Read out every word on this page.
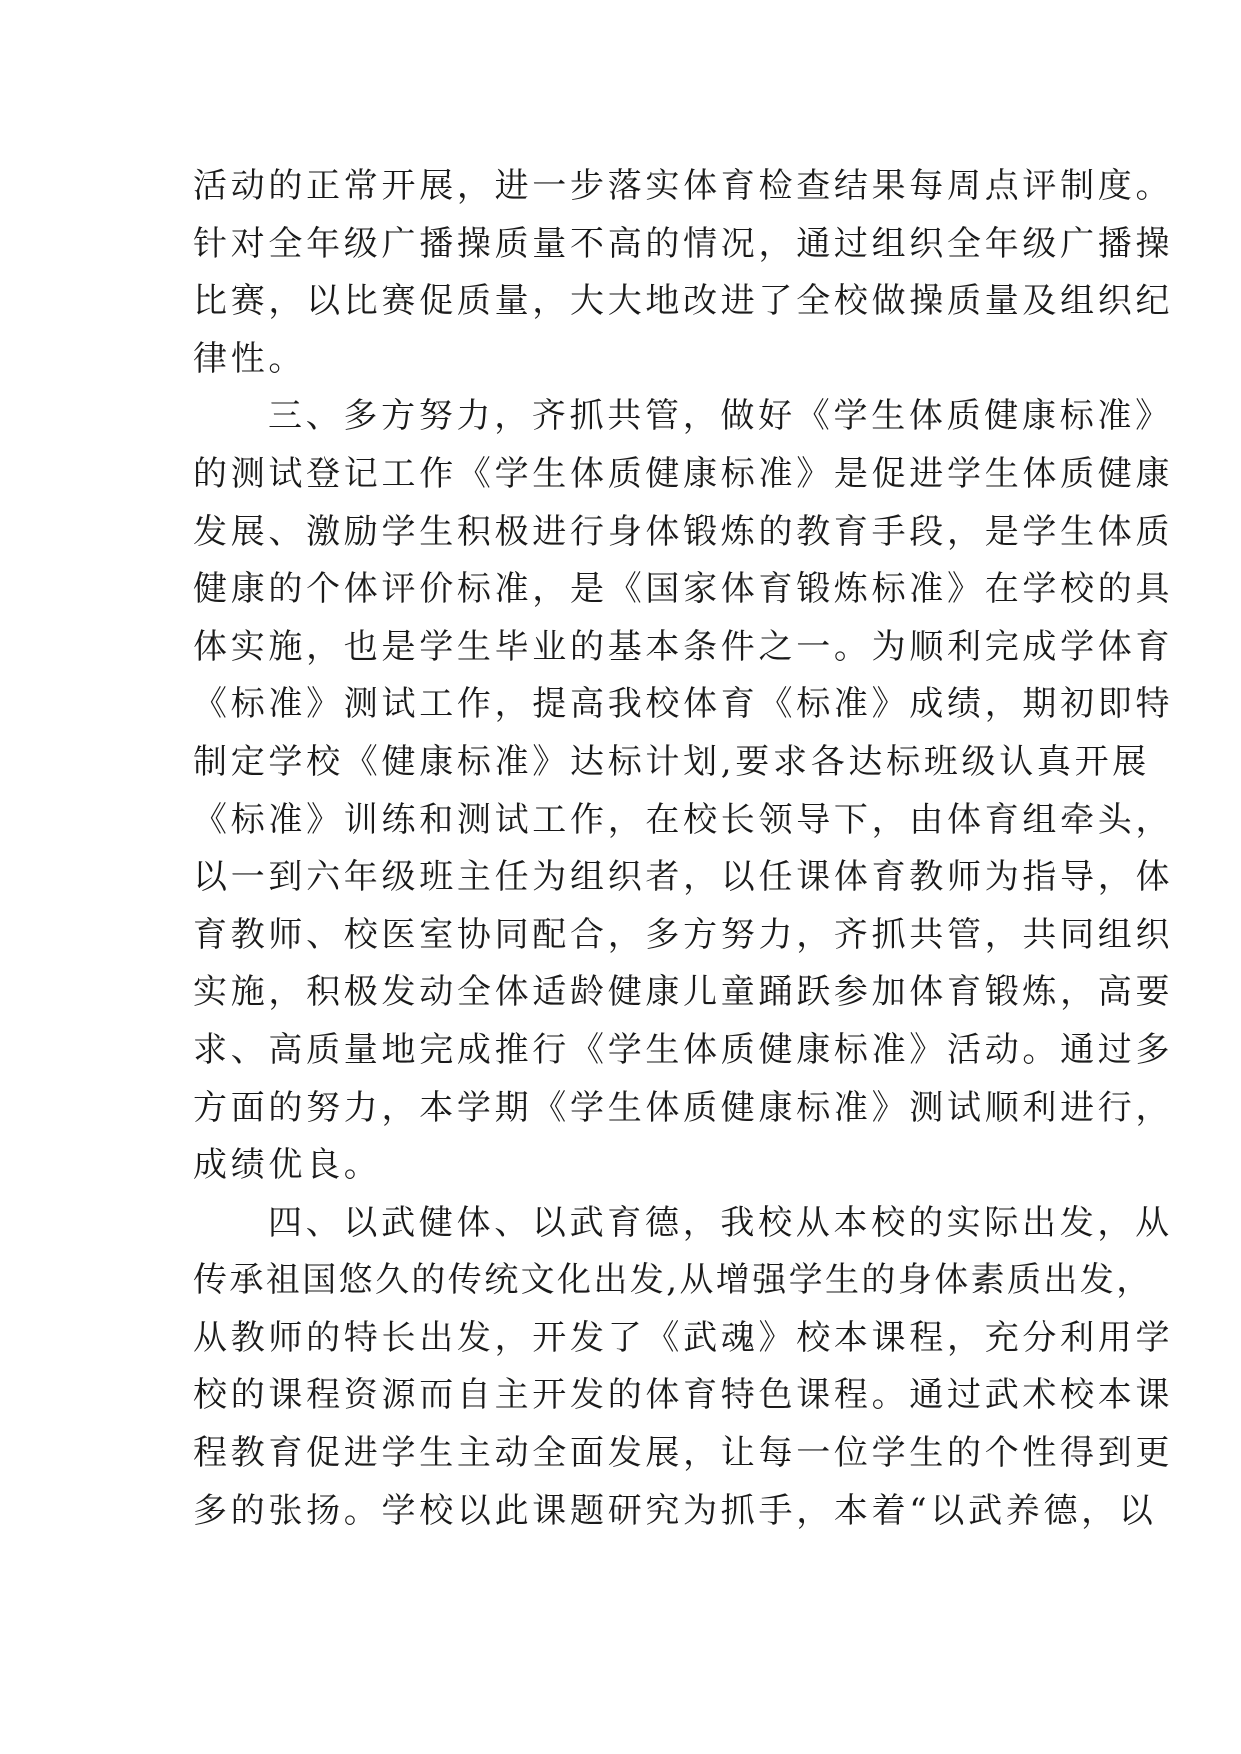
活动的正常开展，进一步落实体育检查结果每周点评制度。
针对全年级广播操质量不高的情况，通过组织全年级广播操
比赛，以比赛促质量，大大地改进了全校做操质量及组织纪
律性。
三、多方努力，齐抓共管，做好《学生体质健康标准》
的测试登记工作《学生体质健康标准》是促进学生体质健康
发展、激励学生积极进行身体锻炼的教育手段，是学生体质
健康的个体评价标准，是《国家体育锻炼标准》在学校的具
体实施，也是学生毕业的基本条件之一。为顺利完成学体育
《标准》测试工作，提高我校体育《标准》成绩，期初即特
制定学校《健康标准》达标计划,要求各达标班级认真开展
《标准》训练和测试工作，在校长领导下，由体育组牵头，
以一到六年级班主任为组织者，以任课体育教师为指导，体
育教师、校医室协同配合，多方努力，齐抓共管，共同组织
实施，积极发动全体适龄健康儿童踊跃参加体育锻炼，高要
求、高质量地完成推行《学生体质健康标准》活动。通过多
方面的努力，本学期《学生体质健康标准》测试顺利进行，
成绩优良。
四、以武健体、以武育德，我校从本校的实际出发，从
传承祖国悠久的传统文化出发,从增强学生的身体素质出发，
从教师的特长出发，开发了《武魂》校本课程，充分利用学
校的课程资源而自主开发的体育特色课程。通过武术校本课
程教育促进学生主动全面发展，让每一位学生的个性得到更
多的张扬。学校以此课题研究为抓手，本着“以武养德，以
